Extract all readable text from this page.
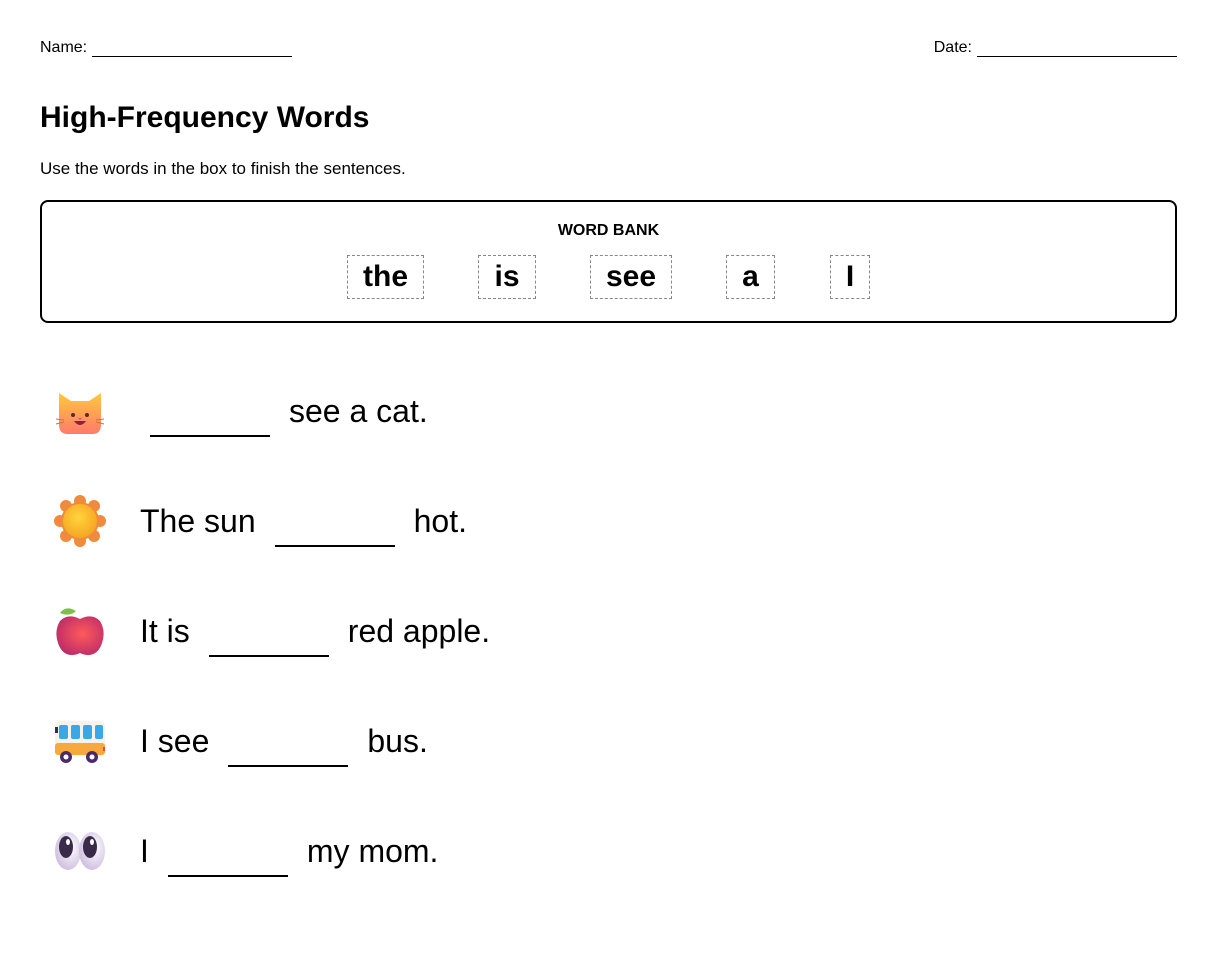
Name:	Date:
High-Frequency Words

Use the words in the box to finish the sentences.

WORD BANK
the	is	see	a	I
see a cat.
The sun	hot.
It is	red apple.
I see	bus.
I	my mom.
